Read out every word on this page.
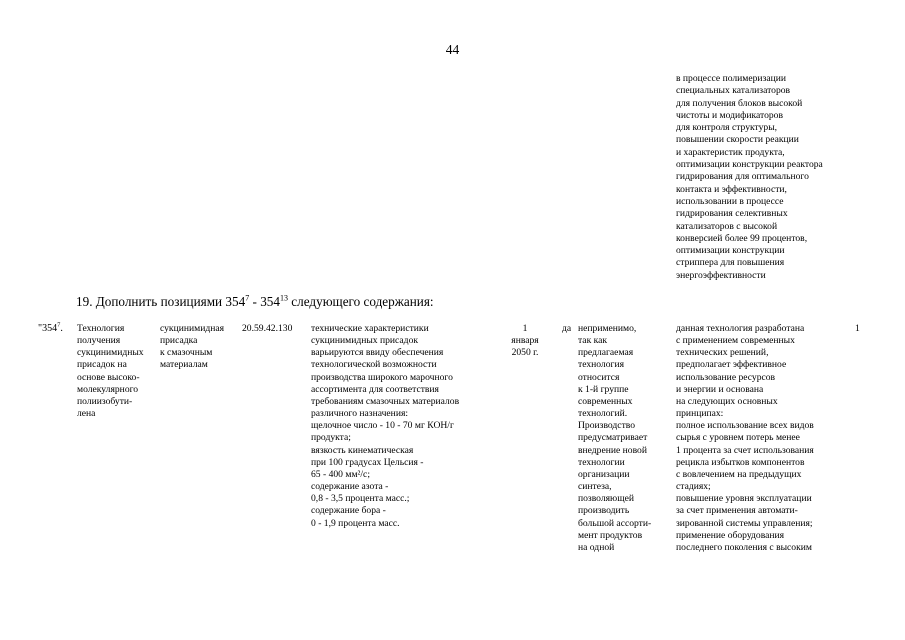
44
в процессе полимеризации
специальных катализаторов
для получения блоков высокой
чистоты и модификаторов
для контроля структуры,
повышении скорости реакции
и характеристик продукта,
оптимизации конструкции реактора
гидрирования для оптимального
контакта и эффективности,
использовании в процессе
гидрирования селективных
катализаторов с высокой
конверсией более 99 процентов,
оптимизации конструкции
стриппера для повышения
энергоэффективности
19. Дополнить позициями $354^7 - 354^{13}$ следующего содержания:
"$354^7$. Технология
получения
сукцинимидных
присадок на
основе высоко-
молекулярного
полиизобути-
лена
сукцинимидная
присадка
к смазочным
материалам
20.59.42.130 технические характеристики
сукцинимидных присадок
варьируются ввиду обеспечения
технологической возможности
производства широкого марочного
ассортимента для соответствия
требованиям смазочных материалов
различного назначения:
щелочное число - 10 - 70 мг КОН/г
продукта;
вязкость кинематическая
при 100 градусах Цельсия -
65 - 400 мм²/с;
содержание азота -
0,8 - 3,5 процента масс.;
содержание бора -
0 - 1,9 процента масс.
1
января
2050 г.
да неприменимо,
так как
предлагаемая
технология
относится
к 1-й группе
современных
технологий.
Производство
предусматривает
внедрение новой
технологии
организации
синтеза,
позволяющей
производить
большой ассорти-
мент продуктов
на одной
данная технология разработана
с применением современных
технических решений,
предполагает эффективное
использование ресурсов
и энергии и основана
на следующих основных
принципах:
полное использование всех видов
сырья с уровнем потерь менее
1 процента за счет использования
рецикла избытков компонентов
с вовлечением на предыдущих
стадиях;
повышение уровня эксплуатации
за счет применения автомати-
зированной системы управления;
применение оборудования
последнего поколения с высоким
1
